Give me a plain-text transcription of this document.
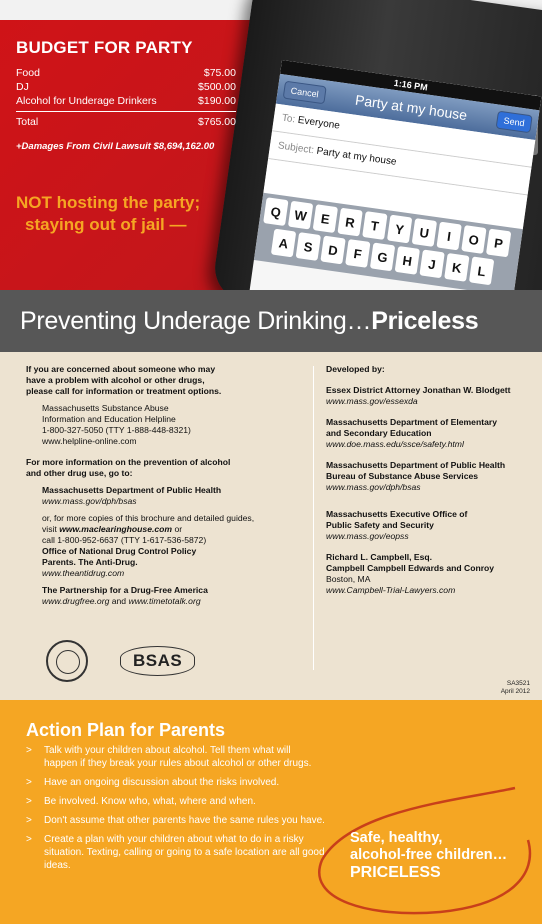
1:16 PM
Cancel	Party at my house	Send
To: Everyone
Subject: Party at my house
Q W E	R	T	Y	U	I	O	P
A	S	D	F	G H	J	K	L
BUDGET FOR PARTY
Food	$75.00
DJ	$500.00
Alcohol for Underage Drinkers	$190.00
Total	$765.00
+Damages From Civil Lawsuit $8,694,162.00
NOT hosting the party;
staying out of jail —
Preventing Underage Drinking… Priceless
If you are concerned about someone who may
have a problem with alcohol or other drugs,
please call for information or treatment options.
Massachusetts Substance Abuse
Information and Education Helpline
1-800-327-5050 (TTY 1-888-448-8321)
www.helpline-online.com
For more information on the prevention of alcohol
and other drug use, go to:
Massachusetts Department of Public Health
www.mass.gov/dph/bsas
or, for more copies of this brochure and detailed guides,
visit www.maclearinghouse.com or
call 1-800-952-6637 (TTY 1-617-536-5872)
Office of National Drug Control Policy
Parents. The Anti-Drug.
www.theantidrug.com
The Partnership for a Drug-Free America
www.drugfree.org and www.timetotalk.org
BSAS
Developed by:
Essex District Attorney Jonathan W. Blodgett
www.mass.gov/essexda
Massachusetts Department of Elementary
and Secondary Education
www.doe.mass.edu/ssce/safety.html
Massachusetts Department of Public Health
Bureau of Substance Abuse Services
www.mass.gov/dph/bsas
Massachusetts Executive Office of
Public Safety and Security
www.mass.gov/eopss
Richard L. Campbell, Esq.
Campbell Campbell Edwards and Conroy
Boston, MA
www.Campbell-Trial-Lawyers.com
SA3521
April 2012
Action Plan for Parents
>	Talk with your children about alcohol. Tell them what will happen if they break your rules about alcohol or other drugs.
>	Have an ongoing discussion about the risks involved.
>	Be involved. Know who, what, where and when.
>	Don't assume that other parents have the same rules you have.
>	Create a plan with your children about what to do in a risky situation. Texting, calling or going to a safe location are all good ideas.
Safe, healthy,
alcohol-free children…
PRICELESS
